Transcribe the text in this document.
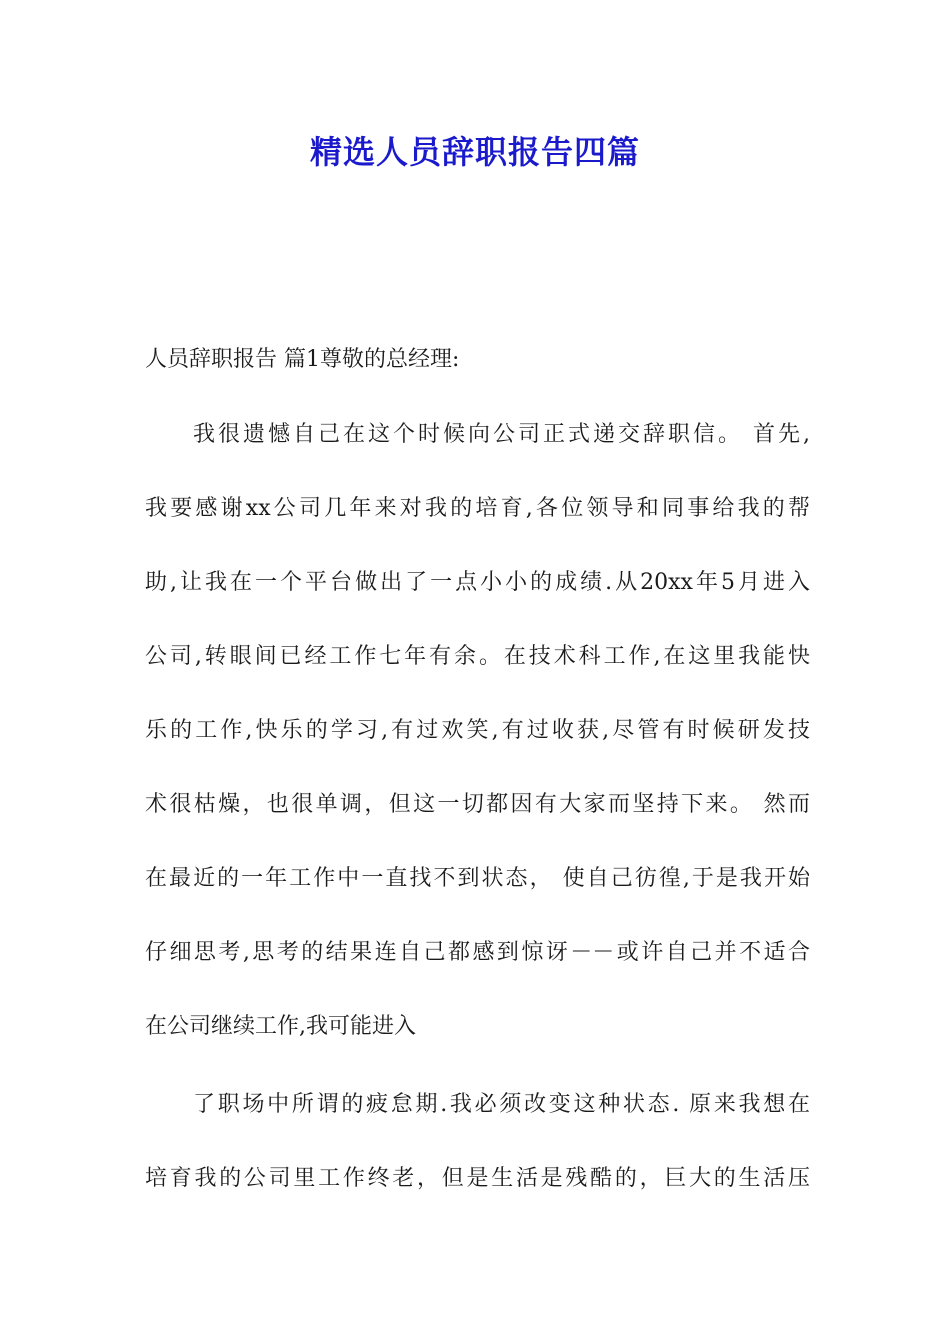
精选人员辞职报告四篇
人员辞职报告 篇1尊敬的总经理:
我很遗憾自己在这个时候向公司正式递交辞职信。 首先,
我要感谢xx公司几年来对我的培育,各位领导和同事给我的帮
助,让我在一个平台做出了一点小小的成绩.从20xx年5月进入
公司,转眼间已经工作七年有余。在技术科工作,在这里我能快
乐的工作,快乐的学习,有过欢笑,有过收获,尽管有时候研发技
术很枯燥，也很单调，但这一切都因有大家而坚持下来。 然而
在最近的一年工作中一直找不到状态， 使自己彷徨,于是我开始
仔细思考,思考的结果连自己都感到惊讶－－或许自己并不适合
在公司继续工作,我可能进入
了职场中所谓的疲怠期.我必须改变这种状态. 原来我想在
培育我的公司里工作终老，但是生活是残酷的，巨大的生活压
